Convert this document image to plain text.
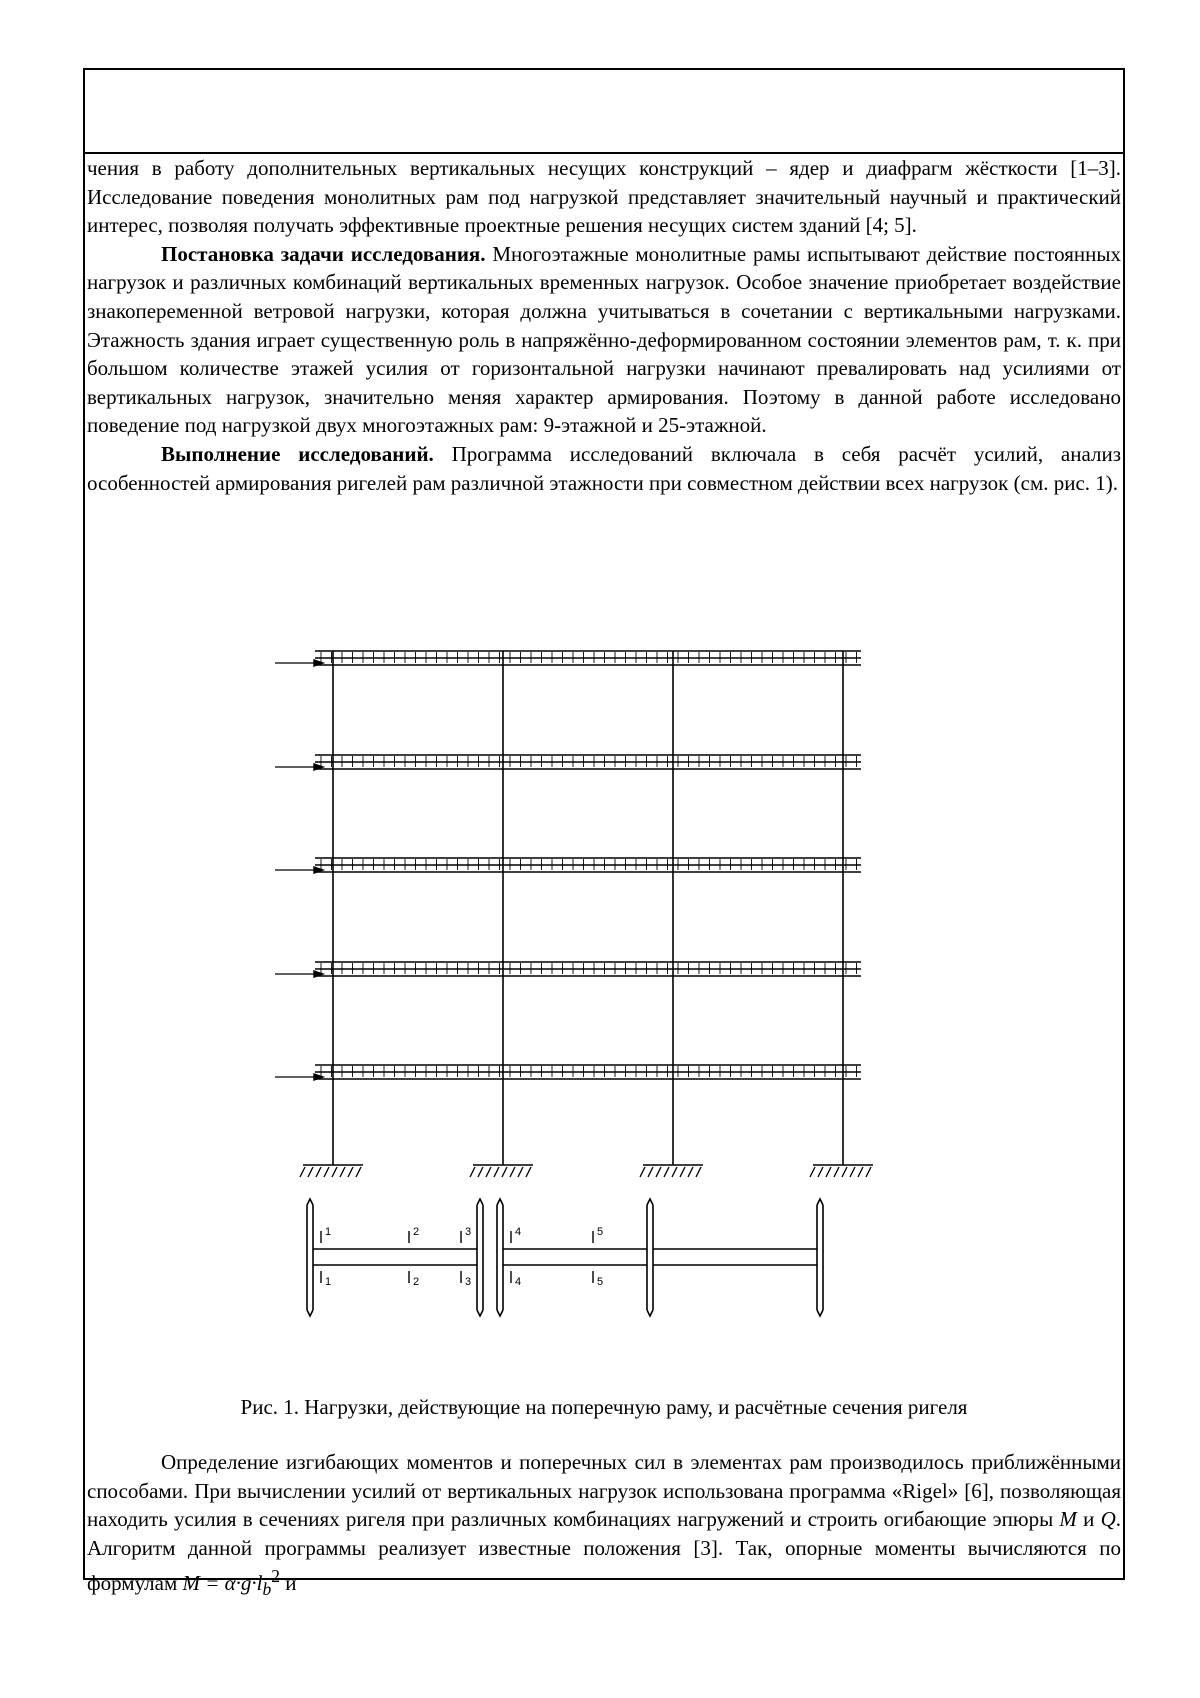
чения в работу дополнительных вертикальных несущих конструкций – ядер и диафрагм жёсткости [1–3]. Исследование поведения монолитных рам под нагрузкой представляет значительный научный и практический интерес, позволяя получать эффективные проектные решения несущих систем зданий [4; 5].

Постановка задачи исследования. Многоэтажные монолитные рамы испытывают действие постоянных нагрузок и различных комбинаций вертикальных временных нагрузок. Особое значение приобретает воздействие знакопеременной ветровой нагрузки, которая должна учитываться в сочетании с вертикальными нагрузками. Этажность здания играет существенную роль в напряжённо-деформированном состоянии элементов рам, т. к. при большом количестве этажей усилия от горизонтальной нагрузки начинают превалировать над усилиями от вертикальных нагрузок, значительно меняя характер армирования. Поэтому в данной работе исследовано поведение под нагрузкой двух многоэтажных рам: 9-этажной и 25-этажной.

Выполнение исследований. Программа исследований включала в себя расчёт усилий, анализ особенностей армирования ригелей рам различной этажности при совместном действии всех нагрузок (см. рис. 1).

1
1
2
2
3
3
4
4
5
5
Рис. 1. Нагрузки, действующие на поперечную раму, и расчётные сечения ригеля

Определение изгибающих моментов и поперечных сил в элементах рам производилось приближёнными способами. При вычислении усилий от вертикальных нагрузок использована программа «Rigel» [6], позволяющая находить усилия в сечениях ригеля при различных комбинациях нагружений и строить огибающие эпюры M и Q. Алгоритм данной программы реализует известные положения [3]. Так, опорные моменты вычисляются по формулам $M = \alpha\cdot g\cdot l_b^2$ и
